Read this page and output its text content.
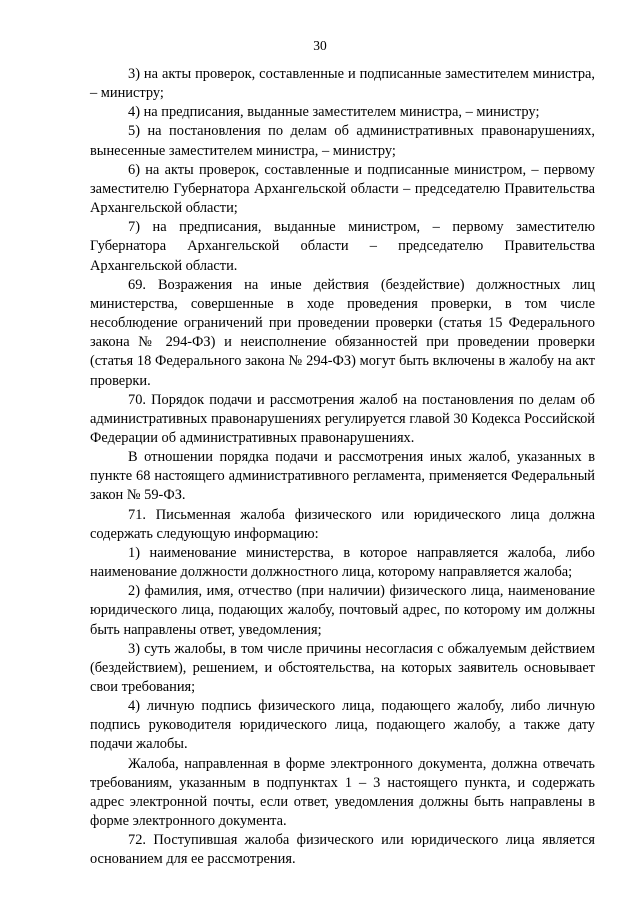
30

3) на акты проверок, составленные и подписанные заместителем министра, – министру;

4) на предписания, выданные заместителем министра, – министру;

5) на постановления по делам об административных правонарушениях, вынесенные заместителем министра, – министру;

6) на акты проверок, составленные и подписанные министром, – первому заместителю Губернатора Архангельской области – председателю Правительства Архангельской области;

7) на предписания, выданные министром, – первому заместителю Губернатора Архангельской области – председателю Правительства Архангельской области.

69. Возражения на иные действия (бездействие) должностных лиц министерства, совершенные в ходе проведения проверки, в том числе несоблюдение ограничений при проведении проверки (статья 15 Федерального закона № 294-ФЗ) и неисполнение обязанностей при проведении проверки (статья 18 Федерального закона № 294-ФЗ) могут быть включены в жалобу на акт проверки.

70. Порядок подачи и рассмотрения жалоб на постановления по делам об административных правонарушениях регулируется главой 30 Кодекса Российской Федерации об административных правонарушениях.

В отношении порядка подачи и рассмотрения иных жалоб, указанных в пункте 68 настоящего административного регламента, применяется Федеральный закон № 59-ФЗ.

71. Письменная жалоба физического или юридического лица должна содержать следующую информацию:

1) наименование министерства, в которое направляется жалоба, либо наименование должности должностного лица, которому направляется жалоба;

2) фамилия, имя, отчество (при наличии) физического лица, наименование юридического лица, подающих жалобу, почтовый адрес, по которому им должны быть направлены ответ, уведомления;

3) суть жалобы, в том числе причины несогласия с обжалуемым действием (бездействием), решением, и обстоятельства, на которых заявитель основывает свои требования;

4) личную подпись физического лица, подающего жалобу, либо личную подпись руководителя юридического лица, подающего жалобу, а также дату подачи жалобы.

Жалоба, направленная в форме электронного документа, должна отвечать требованиям, указанным в подпунктах 1 – 3 настоящего пункта, и содержать адрес электронной почты, если ответ, уведомления должны быть направлены в форме электронного документа.

72. Поступившая жалоба физического или юридического лица является основанием для ее рассмотрения.
